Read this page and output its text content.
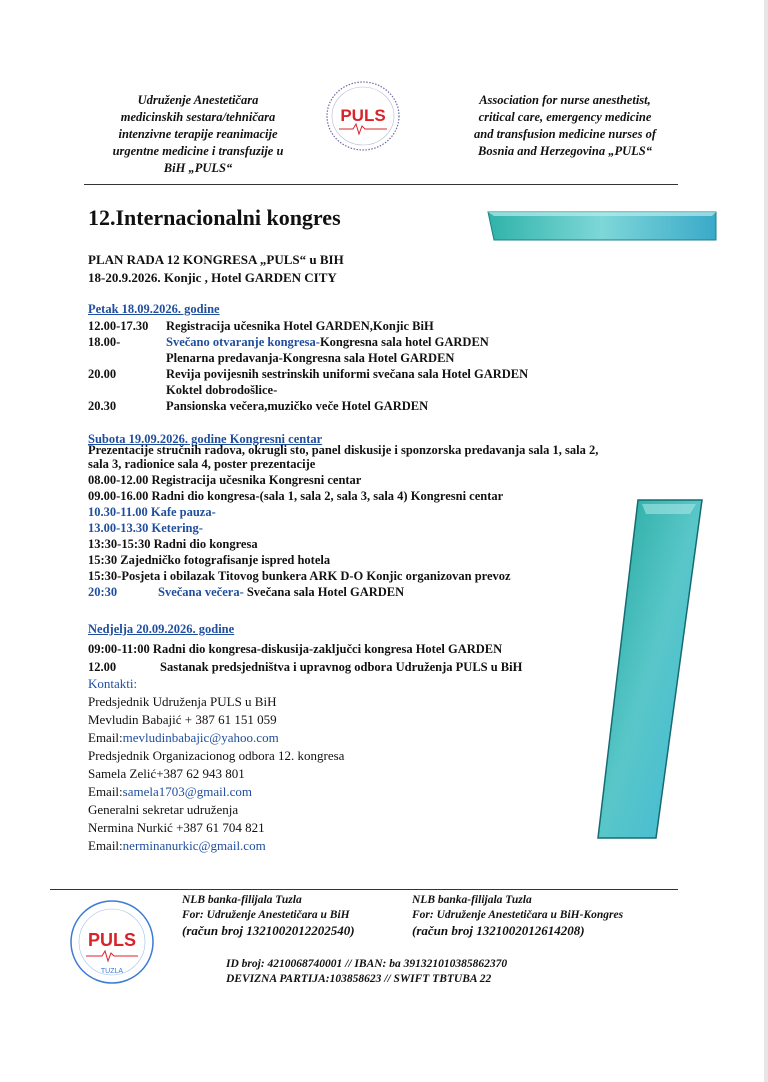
Udruženje Anestetičara
medicinskih sestara/tehničara
intenzivne terapije reanimacije
urgentne medicine i transfuzije u
BiH „PULS“
PULS
Association for nurse anesthetist,
critical care, emergency medicine
and transfusion medicine nurses of
Bosnia and Herzegovina „PULS“
12.Internacionalni kongres
PLAN RADA 12 KONGRESA „PULS“ u BIH
18-20.9.2026. Konjic , Hotel GARDEN CITY
Petak 18.09.2026. godine
12.00-17.30 Registracija učesnika Hotel GARDEN,Konjic BiH
18.00-	Svečano otvaranje kongresa-Kongresna sala hotel GARDEN
Plenarna predavanja-Kongresna sala Hotel GARDEN
20.00	Revija povijesnih sestrinskih uniformi svečana sala Hotel GARDEN
Koktel dobrodošlice-
20.30	Pansionska večera,muzičko veče Hotel GARDEN
Subota 19.09.2026. godine Kongresni centar
Prezentacije stručnih radova, okrugli sto, panel diskusije i sponzorska predavanja sala 1, sala 2,
sala 3, radionice sala 4, poster prezentacije
08.00-12.00 Registracija učesnika Kongresni centar
09.00-16.00 Radni dio kongresa-(sala 1, sala 2, sala 3, sala 4) Kongresni centar
10.30-11.00 Kafe pauza-
13.00-13.30 Ketering-
13:30-15:30 Radni dio kongresa
15:30 Zajedničko fotografisanje ispred hotela
15:30-Posjeta i obilazak Titovog bunkera ARK D-O Konjic organizovan prevoz
20:30	Svečana večera- Svečana sala Hotel GARDEN
Nedjelja 20.09.2026. godine
09:00-11:00 Radni dio kongresa-diskusija-zaključci kongresa Hotel GARDEN
12.00	Sastanak predsjedništva i upravnog odbora Udruženja PULS u BiH
Kontakti:
Predsjednik Udruženja PULS u BiH
Mevludin Babajić + 387 61 151 059
Email:mevludinbabajic@yahoo.com
Predsjednik Organizacionog odbora 12. kongresa
Samela Zelić+387 62 943 801
Email:samela1703@gmail.com
Generalni sekretar udruženja
Nermina Nurkić +387 61 704 821
Email:nerminanurkic@gmail.com
PULS
TUZLA
NLB banka-filijala Tuzla
For: Udruženje Anestetičara u BiH
(račun broj 1321002012202540)
NLB banka-filijala Tuzla
For: Udruženje Anestetičara u BiH-Kongres
(račun broj 1321002012614208)
ID broj: 4210068740001 // IBAN: ba 391321010385862370
DEVIZNA PARTIJA:103858623 // SWIFT TBTUBA 22
